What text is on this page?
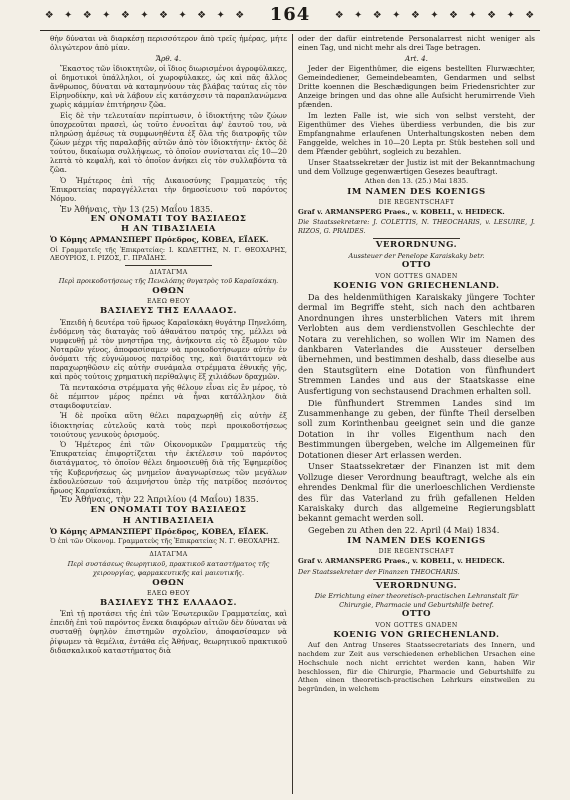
❖ ✦ ❖ ✦ ❖ ✦ ❖ ✦ ❖ ✦ ❖ 164 ❖ ✦ ❖ ✦ ❖ ✦ ❖ ✦ ❖ ✦ ❖

θὴν δύναται νὰ διαρκέσῃ περισσότερον ἀπὸ τρεῖς ἡμέρας, μήτε ὀλιγώτερον ἀπὸ μίαν.

Ἄρθ. 4.

Ἕκαστος τῶν ἰδιοκτητῶν, οἱ ἴδιος διωρισμένοι ἀγροφύλακες, οἱ δημοτικοὶ ὑπάλληλοι, οἱ χωροφύλακες, ὡς καὶ πᾶς ἄλλος ἄνθρωπος, δύναται νὰ καταμηνύουν τὰς βλάβας ταύτας εἰς τὸν Εἰρηνοδίκην, καὶ νὰ λάβουν εἰς κατάσχεσιν τὰ παραπλανώμενα χωρὶς κάμμίαν ἐπιτήρησιν ζῶα.

Εἰς δὲ τὴν τελευταίαν περίπτωσιν, ὁ ἰδιοκτήτης τῶν ζώων ὑποχρεοῦται πρασεὶ, ὡς τοῦτο ἐννοεῖται ἀφ' ἑαυτοῦ του, νὰ πληρώσῃ ἀμέσως τὰ συμφωνηθέντα ἐξ ὅλα τῆς διατροφῆς τῶν ζώων μέχρι τῆς παραλαβῆς αὐτῶν ἀπὸ τὸν ἰδιοκτήτην· ἐκτὸς δὲ τούτου, δικαίωμα συλλήψεως, τὸ ὁποῖον συνίσταται εἰς 10—20 λεπτὰ τὸ κεφαλὴ, καὶ τὸ ὁποῖον ἀνήκει εἰς τὸν συλλαβόντα τὰ ζῶα.

Ὁ Ἡμέτερος ἐπὶ τῆς Δικαιοσύνης Γραμματεὺς τῆς Ἐπικρατείας παραγγέλλεται τὴν δημοσίευσιν τοῦ παρόντος Νόμου.

Ἐν Ἀθήναις, τὴν 13 (25) Μαΐου 1835.

ΕΝ ΟΝΟΜΑΤΙ ΤΟΥ ΒΑΣΙΛΕΩΣ

Η ΑΝ ΤΙΒΑΣΙΛΕΙΑ

Ὁ Κόμης ΑΡΜΑΝΣΠΕΡΓ Πρόεδρος, ΚΟΒΕΛ, ΕΪΔΕΚ.

Οἱ Γραμματεῖς τῆς Ἐπικρατείας: Ι. ΚΩΛΕΤΤΗΣ, Ν. Γ. ΘΕΟΧΑΡΗΣ, ΛΕΟΥΡΙΟΣ, Ι. ΡΙΖΟΣ, Γ. ΠΡΑΪΔΗΣ.

ΔΙΑΤΑΓΜΑ

Περὶ προικοδοτήσεως τῆς Πενελόπης θυγατρὸς τοῦ Καραϊσκάκη.

ΟΘΩΝ

ΕΛΕΩ ΘΕΟΥ

ΒΑΣΙΛΕΥΣ ΤΗΣ ΕΛΛΑΔΟΣ.

Ἐπειδὴ ἡ δευτέρα τοῦ ἥρωος Καραϊσκάκη θυγάτηρ Πηνελόπη, ἐνδόμενη τὰς διαταγὰς τοῦ ἀθανάτου πατρός της, μέλλει νὰ νυμφευθῇ μὲ τὸν μνηστῆρα της, ἀνήκοντα εἰς τὸ ἔξωμον τῶν Νοταρῶν γένος, ἀποφασίσαμεν νὰ προικοδοτήσωμεν αὐτὴν ἐν ὀνόματι τῆς εὐγνώμονος πατρίδος της, καὶ διατάττομεν νὰ παραχωρηθῶσιν εἰς αὐτὴν συνάμαλα στρέμματα ἐθνικῆς γῆς, καὶ πρὸς τούτοις χρηματικὴ περίθαλψις ἕξ χιλιάδων δραχμῶν.

Τὰ πεντακόσια στρέμματα γῆς θέλουν εἶναι εἰς ἓν μέρος, τὸ δὲ πέμπτον μέρος πρέπει νὰ ἦναι κατάλληλον διὰ σταφιδοφυτείαν.

Ἡ δὲ προῖκα αὕτη θέλει παραχωρηθῇ εἰς αὐτὴν ἐξ ἰδιοκτησίας εὐτελοῦς κατὰ τοὺς περὶ προικοδοτήσεως τοιούτους γενικοὺς ὁρισμούς.

Ὁ Ἡμέτερος ἐπὶ τῶν Οἰκονομικῶν Γραμματεὺς τῆς Ἐπικρατείας ἐπιφορτίζεται τὴν ἐκτέλεσιν τοῦ παρόντος διατάγματος, τὸ ὁποῖον θέλει δημοσιευθῇ διὰ τῆς Ἐφημερίδος τῆς Κυβερνήσεως ὡς μνημεῖον ἀναγνωρίσεως τῶν μεγάλων ἐκδουλεύσεων τοῦ ἀειμνήστου ὑπὲρ τῆς πατρίδος πεσόντος ἥρωος Καραϊσκάκη.

Ἐν Ἀθήναις, τὴν 22 Ἀπριλίου (4 Μαΐου) 1835.

ΕΝ ΟΝΟΜΑΤΙ ΤΟΥ ΒΑΣΙΛΕΩΣ

Η ΑΝΤΙΒΑΣΙΛΕΙΑ

Ὁ Κόμης ΑΡΜΑΝΣΠΕΡΓ Πρόεδρος, ΚΟΒΕΛ, ΕΪΔΕΚ.

Ὁ ἐπὶ τῶν Οἰκονομ. Γραμματεὺς τῆς Ἐπικρατείας Ν. Γ. ΘΕΟΧΑΡΗΣ.

ΔΙΑΤΑΓΜΑ

Περὶ συστάσεως θεωρητικοῦ, πρακτικοῦ καταστήματος τῆς χειρουργίας, φαρμακευτικῆς καὶ μαιευτικῆς.

ΟΘΩΝ

ΕΛΕΩ ΘΕΟΥ

ΒΑΣΙΛΕΥΣ ΤΗΣ ΕΛΛΑΔΟΣ.

Ἐπὶ τῇ προτάσει τῆς ἐπὶ τῶν Ἐσωτερικῶν Γραμματείας, καὶ ἐπειδὴ ἐπὶ τοῦ παρόντος ἕνεκα διαφόρων αἰτιῶν δὲν δύναται νὰ συσταθῇ ὑψηλὸν ἐπιστημῶν σχολεῖον, ἀποφασίσαμεν νὰ ῥίψωμεν τὰ θεμέλια, ἐντάθα εἰς Ἀθήνας, θεωρητικοῦ πρακτικοῦ διδασκαλικοῦ καταστήματος διὰ

oder der dafür eintretende Personalarrest nicht weniger als einen Tag, und nicht mehr als drei Tage betragen.

Art. 4.

Jeder der Eigenthümer, die eigens bestellten Flurwæchter, Gemeindediener, Gemeindebeamten, Gendarmen und selbst Dritte koennen die Beschædigungen beim Friedensrichter zur Anzeige bringen und das ohne alle Aufsicht herumirrende Vieh pfænden.

Im lezten Falle ist, wie sich von selbst versteht, der Eigenthümer des Viehes überdiess verbunden, die bis zur Empfangnahme erlaufenen Unterhaltungskosten neben dem Fanggelde, welches in 10—20 Lepta pr. Stük bestehen soll und dem Pfænder gebührt, sogleich zu bezahlen.

Unser Staatssekretær der Justiz ist mit der Bekanntmachung und dem Vollzuge gegenwærtigen Gesezes beauftragt.

Athen den 13. (25.) Mai 1835.

IM NAMEN DES KOENIGS

DIE REGENTSCHAFT

Graf v. ARMANSPERG Praes., v. KOBELL, v. HEIDECK.

Die Staatssekretære: J. COLETTIS, N. THEOCHARIS, v. LESUIRE, J. RIZOS, G. PRAIDES.

VERORDNUNG.

Aussteuer der Penelope Karaiskaky betr.

OTTO

VON GOTTES GNADEN

KOENIG VON GRIECHENLAND.

Da des heldenmüthigen Karaiskaky jüngere Tochter dermal im Begriffe steht, sich nach den achtbaren Anordnungen ihres unsterblichen Vaters mit ihrem Verlobten aus dem verdienstvollen Geschlechte der Notara zu verehlichen, so wollen Wir im Namen des dankbaren Vaterlandes die Aussteuer derselben übernehmen, und bestimmen deshalb, dass dieselbe aus den Stautsgütern eine Dotation von fünfhundert Stremmen Landes und aus der Staatskasse eine Ausfertigung von sechstausend Drachmen erhalten soll.

Die fünfhundert Stremmen Landes sind im Zusammenhange zu geben, der fünfte Theil derselben soll zum Korinthenbau geeignet sein und die ganze Dotation in ihr volles Eigenthum nach den Bestimmungen übergeben, welche im Allgemeinen für Dotationen dieser Art erlassen werden.

Unser Staatssekretær der Finanzen ist mit dem Vollzuge dieser Verordnung beauftragt, welche als ein ehrendes Denkmal für die unerloeschlichen Verdienste des für das Vaterland zu früh gefallenen Helden Karaiskaky durch das allgemeine Regierungsblatt bekannt gemacht werden soll.

Gegeben zu Athen den 22. April (4 Mai) 1834.

IM NAMEN DES KOENIGS

DIE REGENTSCHAFT

Graf v. ARMANSPERG Praes., v. KOBELL, v. HEIDECK.

Der Staatssekretær der Finanzen THEOCHARIS.

VERORDNUNG.

Die Errichtung einer theoretisch-practischen Lehranstalt für Chirurgie, Pharmacie und Geburtshilfe betref.

OTTO

VON GOTTES GNADEN

KOENIG VON GRIECHENLAND.

Auf den Antrag Unseres Staatssecretariats des Innern, und nachdem zur Zeit aus verschiedenen erheblichen Ursachen eine Hochschule noch nicht errichtet werden kann, haben Wir beschlossen, für die Chirurgie, Pharmacie und Geburtshilfe zu Athen einen theoretisch-practischen Lehrkurs einstweilen zu begründen, in welchem
